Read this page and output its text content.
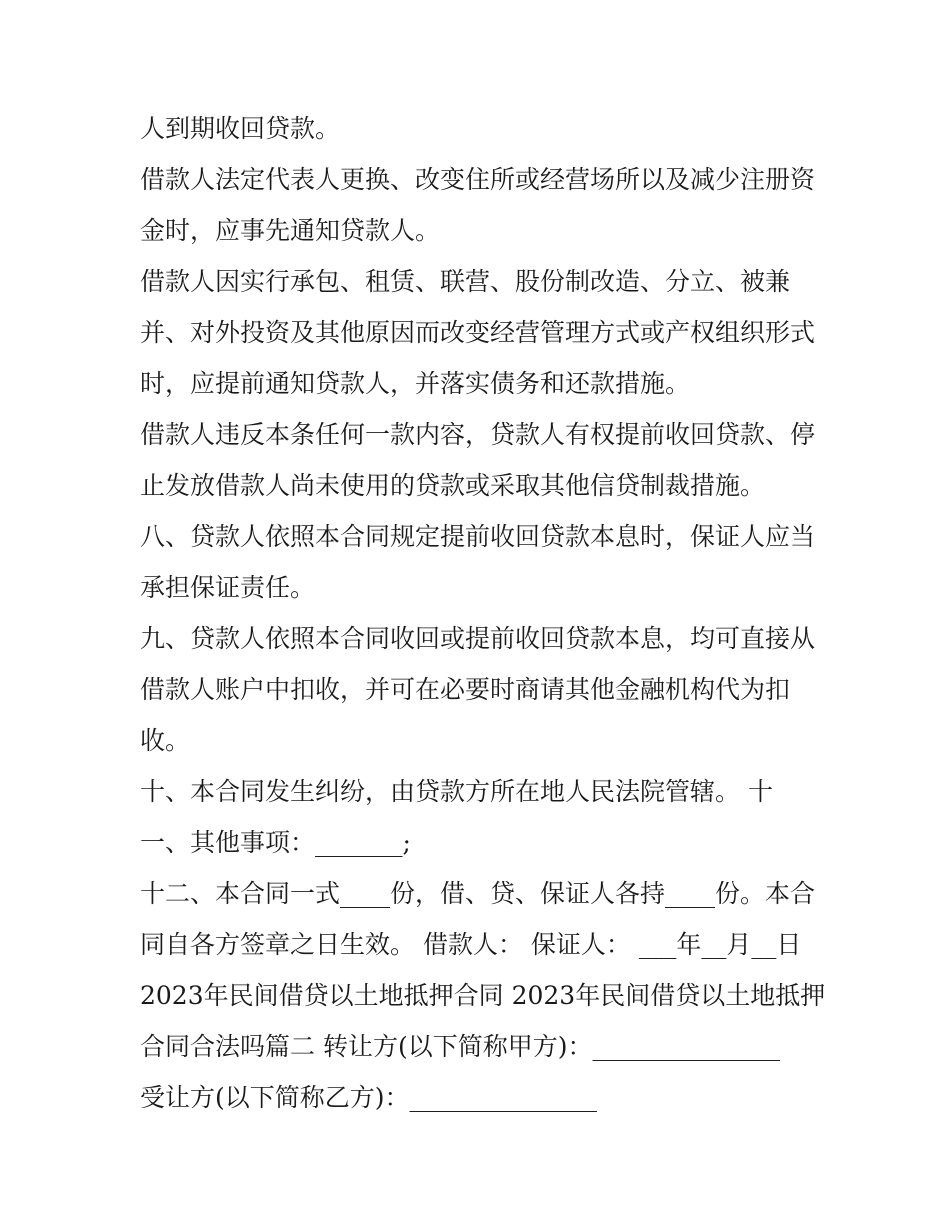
人到期收回贷款。
借款人法定代表人更换、改变住所或经营场所以及减少注册资
金时，应事先通知贷款人。
借款人因实行承包、租赁、联营、股份制改造、分立、被兼
并、对外投资及其他原因而改变经营管理方式或产权组织形式
时，应提前通知贷款人，并落实债务和还款措施。
借款人违反本条任何一款内容，贷款人有权提前收回贷款、停
止发放借款人尚未使用的贷款或采取其他信贷制裁措施。
八、贷款人依照本合同规定提前收回贷款本息时，保证人应当
承担保证责任。
九、贷款人依照本合同收回或提前收回贷款本息，均可直接从
借款人账户中扣收，并可在必要时商请其他金融机构代为扣
收。
十、本合同发生纠纷，由贷款方所在地人民法院管辖。 十
一、其他事项：_______;
十二、本合同一式____份，借、贷、保证人各持____份。本合
同自各方签章之日生效。 借款人： 保证人： ___年__月__日
2023年民间借贷以土地抵押合同 2023年民间借贷以土地抵押
合同合法吗篇二 转让方(以下简称甲方)：_______________
受让方(以下简称乙方)：_______________
